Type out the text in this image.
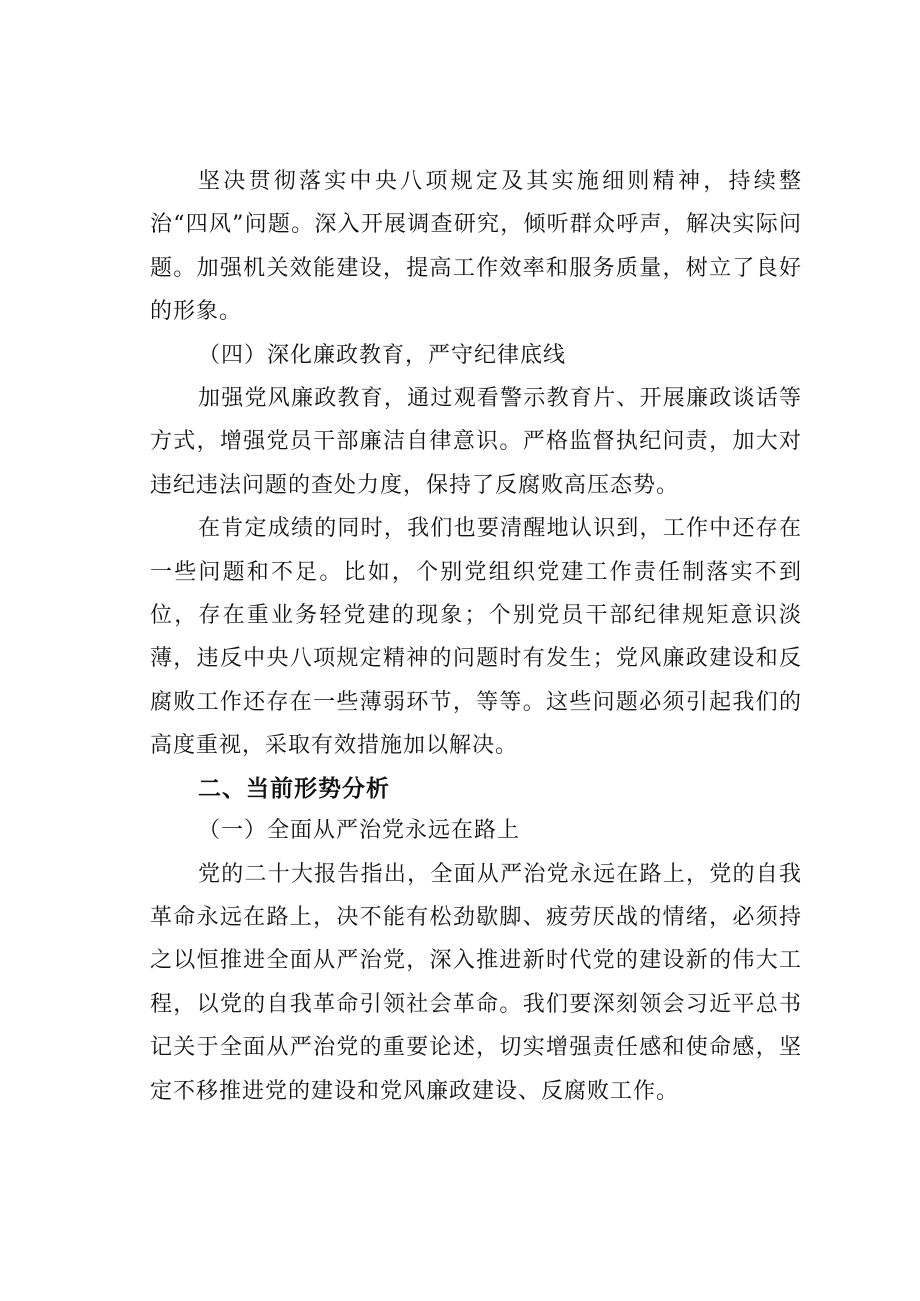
坚决贯彻落实中央八项规定及其实施细则精神，持续整治“四风”问题。深入开展调查研究，倾听群众呼声，解决实际问题。加强机关效能建设，提高工作效率和服务质量，树立了良好的形象。

（四）深化廉政教育，严守纪律底线

加强党风廉政教育，通过观看警示教育片、开展廉政谈话等方式，增强党员干部廉洁自律意识。严格监督执纪问责，加大对违纪违法问题的查处力度，保持了反腐败高压态势。

在肯定成绩的同时，我们也要清醒地认识到，工作中还存在一些问题和不足。比如，个别党组织党建工作责任制落实不到位，存在重业务轻党建的现象；个别党员干部纪律规矩意识淡薄，违反中央八项规定精神的问题时有发生；党风廉政建设和反腐败工作还存在一些薄弱环节，等等。这些问题必须引起我们的高度重视，采取有效措施加以解决。

二、当前形势分析

（一）全面从严治党永远在路上

党的二十大报告指出，全面从严治党永远在路上，党的自我革命永远在路上，决不能有松劲歇脚、疲劳厌战的情绪，必须持之以恒推进全面从严治党，深入推进新时代党的建设新的伟大工程，以党的自我革命引领社会革命。我们要深刻领会习近平总书记关于全面从严治党的重要论述，切实增强责任感和使命感，坚定不移推进党的建设和党风廉政建设、反腐败工作。
